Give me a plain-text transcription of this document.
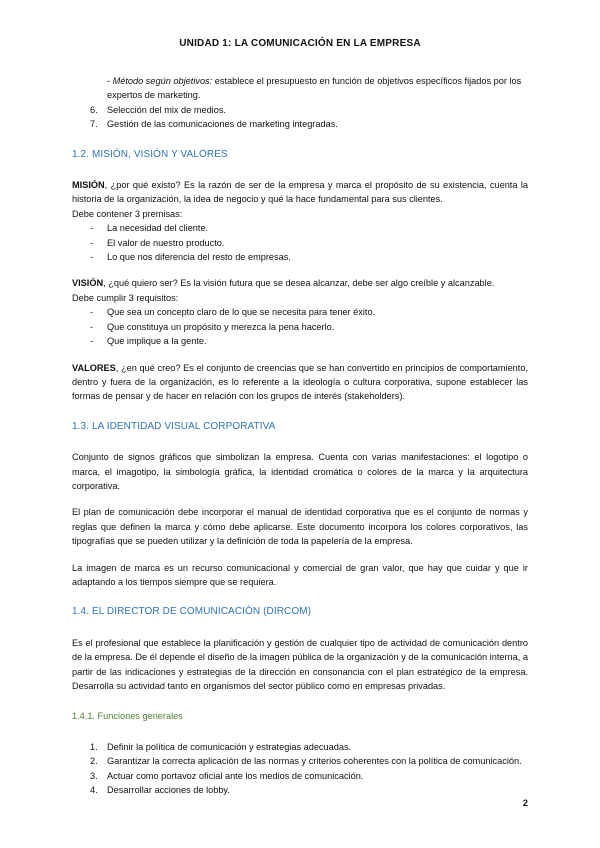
UNIDAD 1: LA COMUNICACIÓN EN LA EMPRESA
- Método según objetivos: establece el presupuesto en función de objetivos específicos fijados por los expertos de marketing.
6. Selección del mix de medios.
7. Gestión de las comunicaciones de marketing integradas.
1.2. MISIÓN, VISIÓN Y VALORES

MISIÓN, ¿por qué existo? Es la razón de ser de la empresa y marca el propósito de su existencia, cuenta la historia de la organización, la idea de negocio y qué la hace fundamental para sus clientes.

Debe contener 3 premisas:

- La necesidad del cliente.
- El valor de nuestro producto.
- Lo que nos diferencia del resto de empresas.

VISIÓN, ¿qué quiero ser? Es la visión futura que se desea alcanzar, debe ser algo creíble y alcanzable.

Debe cumplir 3 requisitos:

- Que sea un concepto claro de lo que se necesita para tener éxito.
- Que constituya un propósito y merezca la pena hacerlo.
- Que implique a la gente.

VALORES, ¿en qué creo? Es el conjunto de creencias que se han convertido en principios de comportamiento, dentro y fuera de la organización, es lo referente a la ideología o cultura corporativa, supone establecer las formas de pensar y de hacer en relación con los grupos de interés (stakeholders).

1.3. LA IDENTIDAD VISUAL CORPORATIVA

Conjunto de signos gráficos que simbolizan la empresa. Cuenta con varias manifestaciones: el logotipo o marca, el imagotipo, la simbología gráfica, la identidad cromática o colores de la marca y la arquitectura corporativa.

El plan de comunicación debe incorporar el manual de identidad corporativa que es el conjunto de normas y reglas que definen la marca y cómo debe aplicarse. Este documento incorpora los colores corporativos, las tipografías que se pueden utilizar y la definición de toda la papelería de la empresa.

La imagen de marca es un recurso comunicacional y comercial de gran valor, que hay que cuidar y que ir adaptando a los tiempos siempre que se requiera.

1.4. EL DIRECTOR DE COMUNICACIÓN (DIRCOM)

Es el profesional que establece la planificación y gestión de cualquier tipo de actividad de comunicación dentro de la empresa. De él depende el diseño de la imagen pública de la organización y de la comunicación interna, a partir de las indicaciones y estrategias de la dirección en consonancia con el plan estratégico de la empresa. Desarrolla su actividad tanto en organismos del sector público como en empresas privadas.

1.4.1. Funciones generales
1. Definir la política de comunicación y estrategias adecuadas.
2. Garantizar la correcta aplicación de las normas y criterios coherentes con la política de comunicación.
3. Actuar como portavoz oficial ante los medios de comunicación.
4. Desarrollar acciones de lobby.
2
